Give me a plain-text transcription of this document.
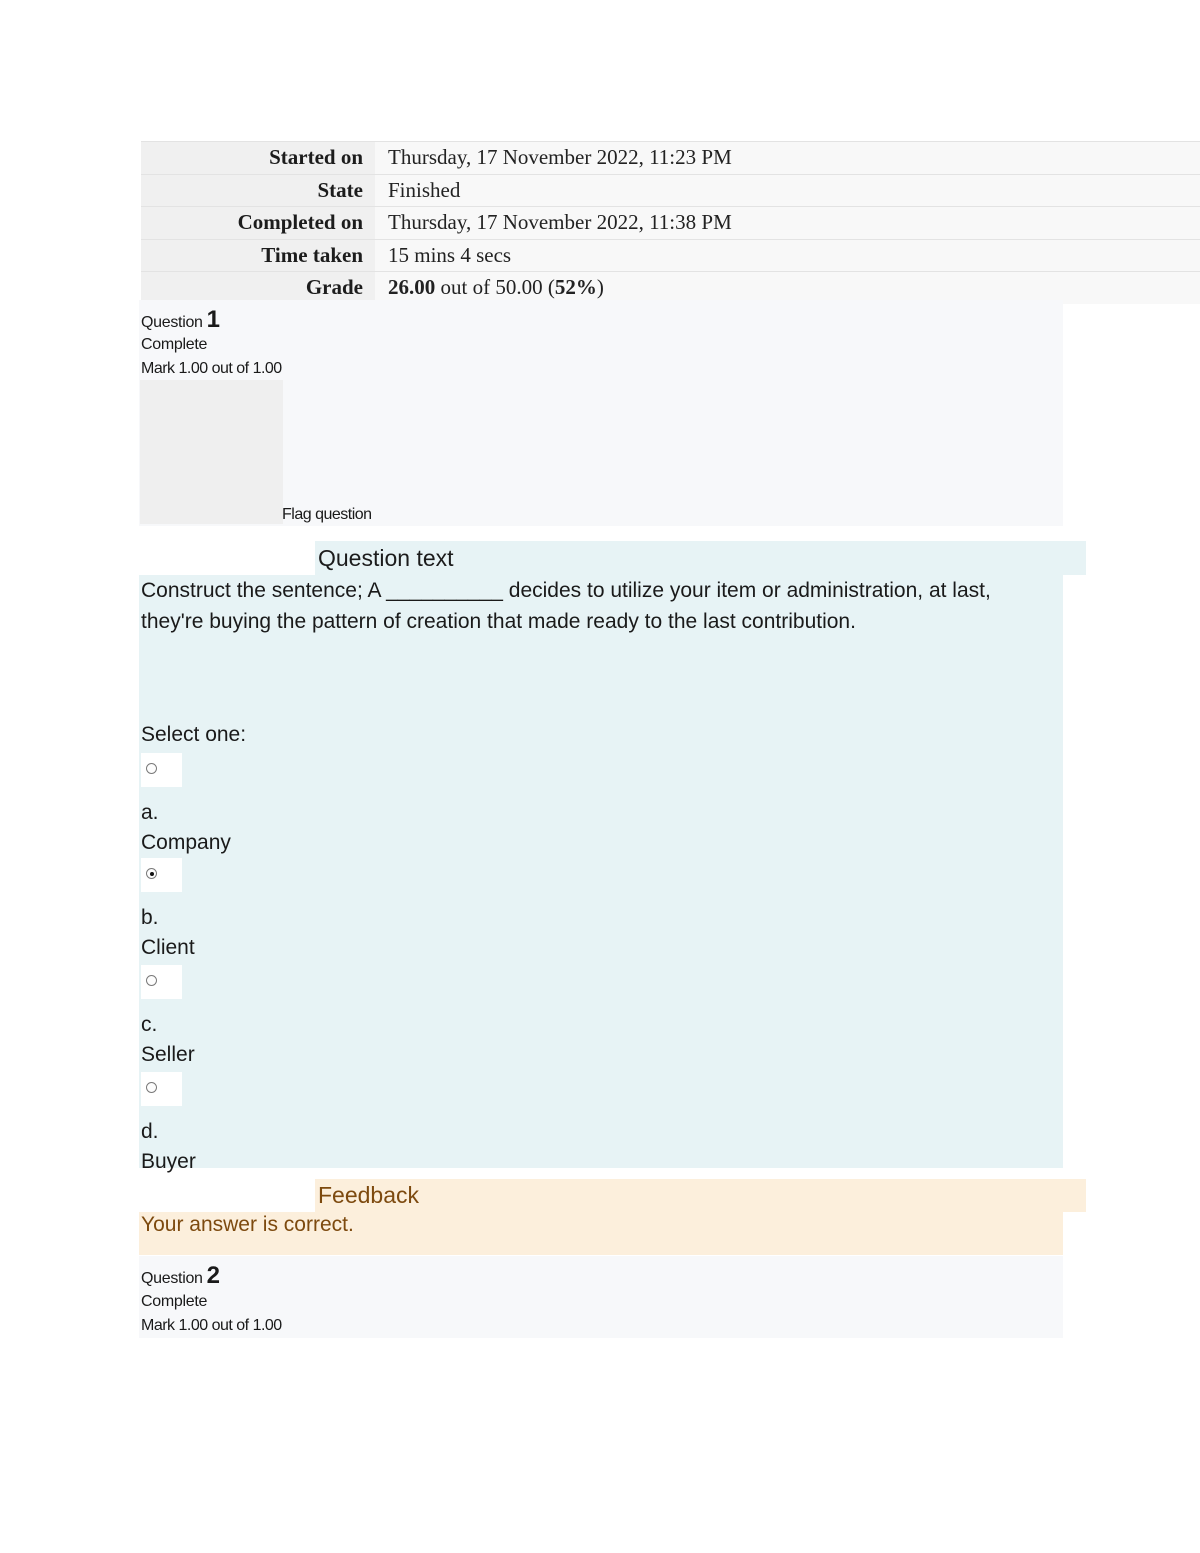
Started on	Thursday, 17 November 2022, 11:23 PM
State	Finished
Completed on	Thursday, 17 November 2022, 11:38 PM
Time taken	15 mins 4 secs
Grade	26.00 out of 50.00 (52%)
Question 1
Complete
Mark 1.00 out of 1.00
Flag question
Question text
Construct the sentence; A __________ decides to utilize your item or administration, at last, they're buying the pattern of creation that made ready to the last contribution.
Select one:
a.
Company
b.
Client
c.
Seller
d.
Buyer
Feedback
Your answer is correct.
Question 2
Complete
Mark 1.00 out of 1.00
